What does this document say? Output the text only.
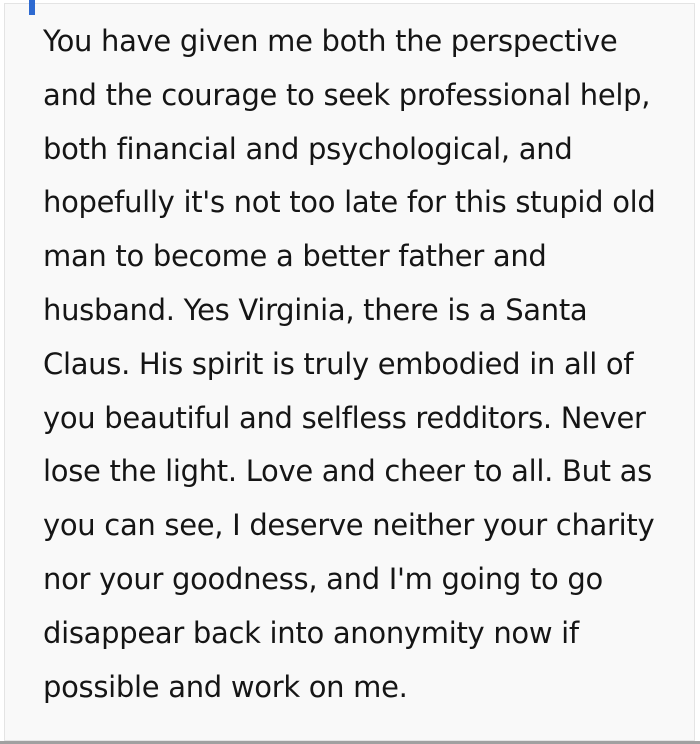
You have given me both the perspective
and the courage to seek professional help,
both financial and psychological, and
hopefully it's not too late for this stupid old
man to become a better father and
husband. Yes Virginia, there is a Santa
Claus. His spirit is truly embodied in all of
you beautiful and selfless redditors. Never
lose the light. Love and cheer to all. But as
you can see, I deserve neither your charity
nor your goodness, and I'm going to go
disappear back into anonymity now if
possible and work on me.
